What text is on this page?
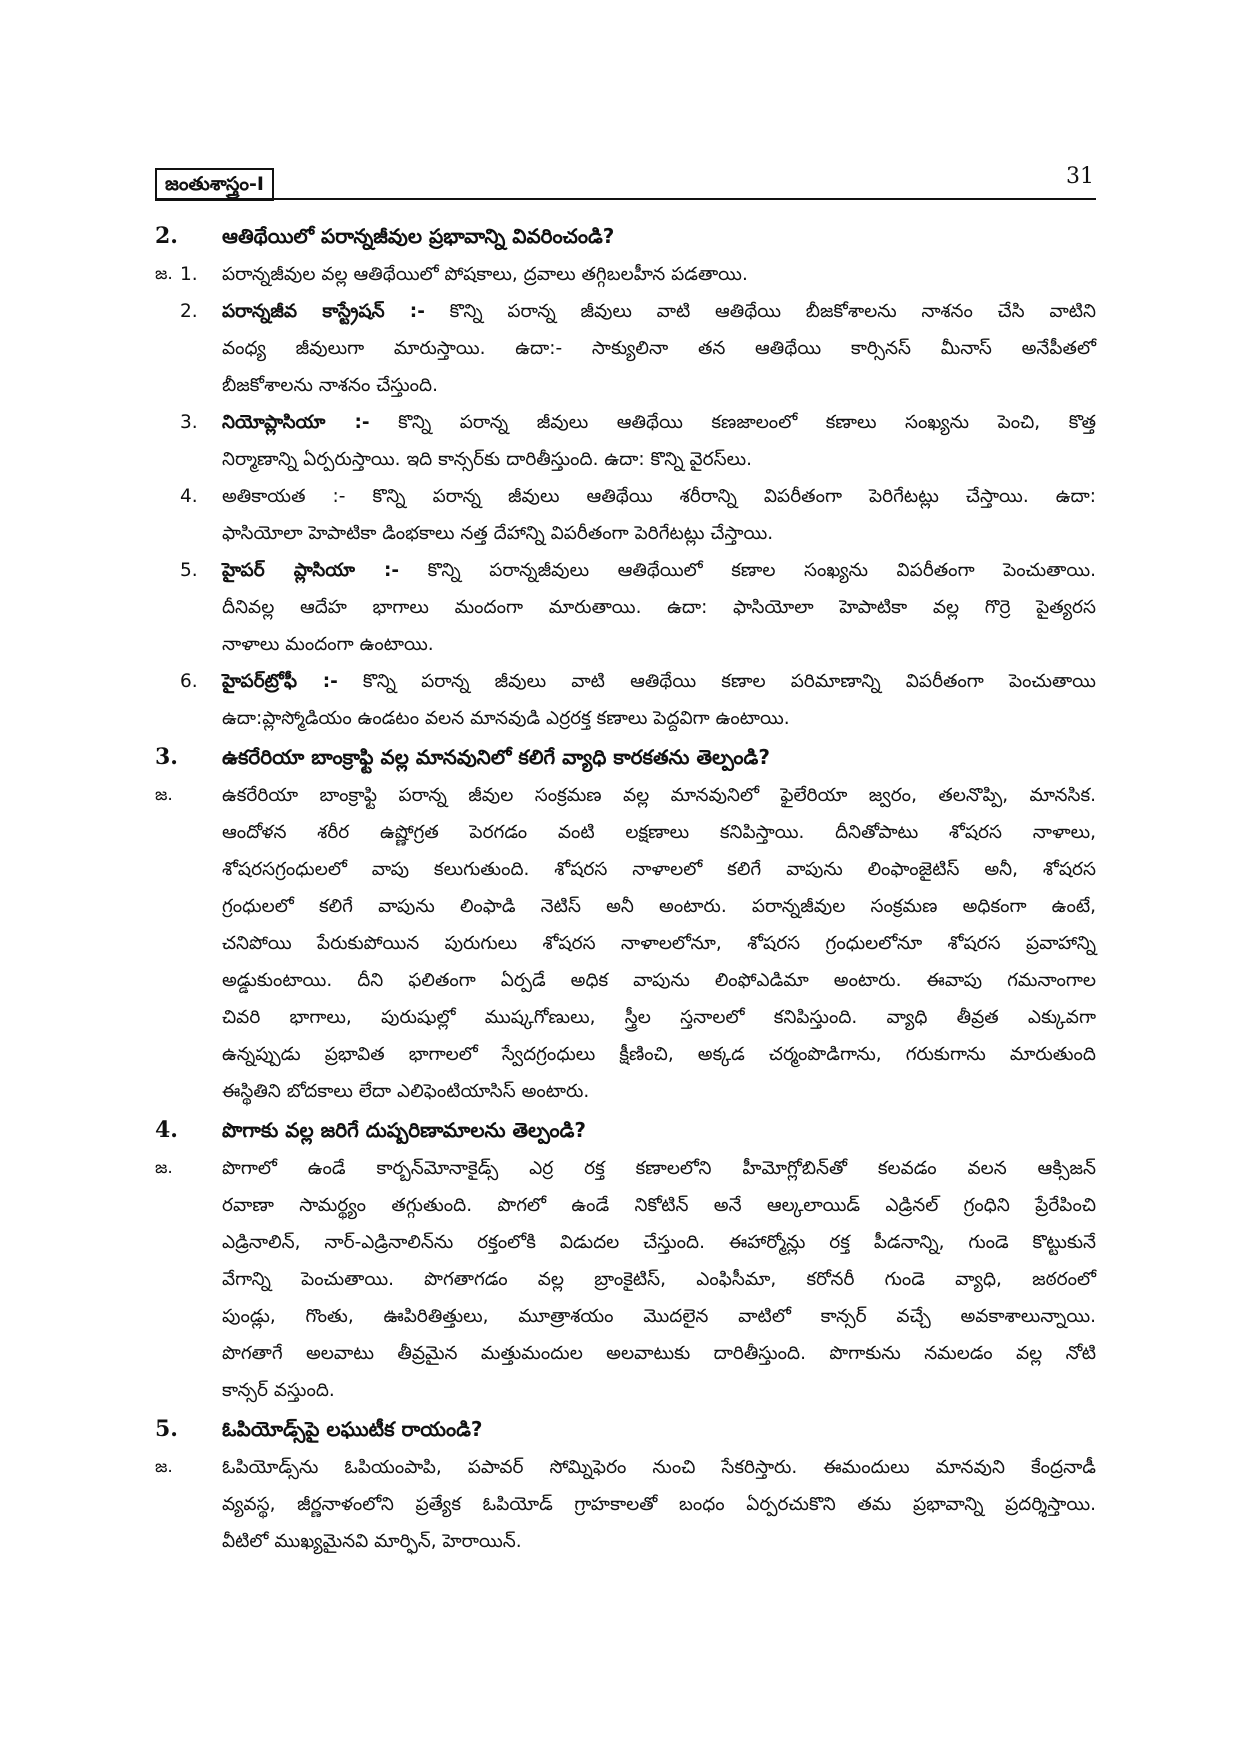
జంతుశాస్త్రం-I	31
2. ఆతిథేయిలో పరాన్నజీవుల ప్రభావాన్ని వివరించండి?
జ. 1. పరాన్నజీవుల వల్ల ఆతిథేయిలో పోషకాలు, ద్రవాలు తగ్గిబలహీన పడతాయి.
2. పరాన్నజీవ కాస్ట్రేషన్ :- కొన్ని పరాన్న జీవులు వాటి ఆతిథేయి బీజకోశాలను నాశనం చేసి వాటిని
వంధ్య జీవులుగా మారుస్తాయి. ఉదా:- సాక్యులినా తన ఆతిథేయి కార్సినస్ మీనాస్ అనేపీతలో
బీజకోశాలను నాశనం చేస్తుంది.
3. నియోప్లాసియా :- కొన్ని పరాన్న జీవులు ఆతిథేయి కణజాలంలో కణాలు సంఖ్యను పెంచి, కొత్త
నిర్మాణాన్ని ఏర్పరుస్తాయి. ఇది కాన్సర్‌కు దారితీస్తుంది. ఉదా: కొన్ని వైరస్‌లు.
4. అతికాయత :- కొన్ని పరాన్న జీవులు ఆతిథేయి శరీరాన్ని విపరీతంగా పెరిగేటట్లు చేస్తాయి. ఉదా:
ఫాసియోలా హెపాటికా డింభకాలు నత్త దేహాన్ని విపరీతంగా పెరిగేటట్లు చేస్తాయి.
5. హైపర్ ప్లాసియా :- కొన్ని పరాన్నజీవులు ఆతిథేయిలో కణాల సంఖ్యను విపరీతంగా పెంచుతాయి.
దీనివల్ల ఆదేహ భాగాలు మందంగా మారుతాయి. ఉదా: ఫాసియోలా హెపాటికా వల్ల గొర్రె పైత్యరస
నాళాలు మందంగా ఉంటాయి.
6. హైపర్‌ట్రోఫీ :- కొన్ని పరాన్న జీవులు వాటి ఆతిథేయి కణాల పరిమాణాన్ని విపరీతంగా పెంచుతాయి
ఉదా:ప్లాస్మోడియం ఉండటం వలన మానవుడి ఎర్రరక్త కణాలు పెద్దవిగా ఉంటాయి.
3. ఉకరేరియా బాంక్రాఫ్టి వల్ల మానవునిలో కలిగే వ్యాధి కారకతను తెల్పండి?
జ.	ఉకరేరియా బాంక్రాఫ్టి పరాన్న జీవుల సంక్రమణ వల్ల మానవునిలో ఫైలేరియా జ్వరం, తలనొప్పి, మానసిక.
ఆందోళన శరీర ఉష్ణోగ్రత పెరగడం వంటి లక్షణాలు కనిపిస్తాయి. దీనితోపాటు శోషరస నాళాలు,
శోషరసగ్రంధులలో వాపు కలుగుతుంది. శోషరస నాళాలలో కలిగే వాపును లింఫాంజైటిస్ అనీ, శోషరస
గ్రంధులలో కలిగే వాపును లింఫాడి నెటిస్ అనీ అంటారు. పరాన్నజీవుల సంక్రమణ అధికంగా ఉంటే,
చనిపోయి పేరుకుపోయిన పురుగులు శోషరస నాళాలలోనూ, శోషరస గ్రంధులలోనూ శోషరస ప్రవాహాన్ని
అడ్డుకుంటాయి. దీని ఫలితంగా ఏర్పడే అధిక వాపును లింఫోఎడిమా అంటారు. ఈవాపు గమనాంగాల
చివరి భాగాలు, పురుషుల్లో ముష్కగోణులు, స్త్రీల స్తనాలలో కనిపిస్తుంది. వ్యాధి తీవ్రత ఎక్కువగా
ఉన్నప్పుడు ప్రభావిత భాగాలలో స్వేదగ్రంధులు క్షీణించి, అక్కడ చర్మంపొడిగాను, గరుకుగాను మారుతుంది
ఈస్థితిని బోదకాలు లేదా ఎలిఫెంటియాసిస్ అంటారు.
4. పొగాకు వల్ల జరిగే దుష్పరిణామాలను తెల్పండి?
జ.	పొగాలో ఉండే కార్బన్‌మోనాకైడ్స్ ఎర్ర రక్త కణాలలోని హీమోగ్లోబిన్‌తో కలవడం వలన ఆక్సిజన్
రవాణా సామర్థ్యం తగ్గుతుంది. పొగలో ఉండే నికోటిన్ అనే ఆల్కలాయిడ్ ఎడ్రినల్ గ్రంధిని ప్రేరేపించి
ఎడ్రినాలిన్, నార్-ఎడ్రినాలిన్‌ను రక్తంలోకి విడుదల చేస్తుంది. ఈహార్మోన్లు రక్త పీడనాన్ని, గుండె కొట్టుకునే
వేగాన్ని పెంచుతాయి. పొగతాగడం వల్ల బ్రాంకైటిస్, ఎంఫిసీమా, కరోనరీ గుండె వ్యాధి, జఠరంలో
పుండ్లు, గొంతు, ఊపిరితిత్తులు, మూత్రాశయం మొదలైన వాటిలో కాన్సర్ వచ్చే అవకాశాలున్నాయి.
పొగతాగే అలవాటు తీవ్రమైన మత్తుమందుల అలవాటుకు దారితీస్తుంది. పొగాకును నమలడం వల్ల నోటి
కాన్సర్ వస్తుంది.
5. ఓపియోడ్స్‌పై లఘుటీక రాయండి?
జ.	ఓపియోడ్స్‌ను ఓపియంపాపి, పపావర్ సోమ్నిఫెరం నుంచి సేకరిస్తారు. ఈమందులు మానవుని కేంద్రనాడీ
వ్యవస్థ, జీర్ణనాళంలోని ప్రత్యేక ఓపియోడ్ గ్రాహకాలతో బంధం ఏర్పరచుకొని తమ ప్రభావాన్ని ప్రదర్శిస్తాయి.
వీటిలో ముఖ్యమైనవి మార్ఫిన్, హెరాయిన్.
